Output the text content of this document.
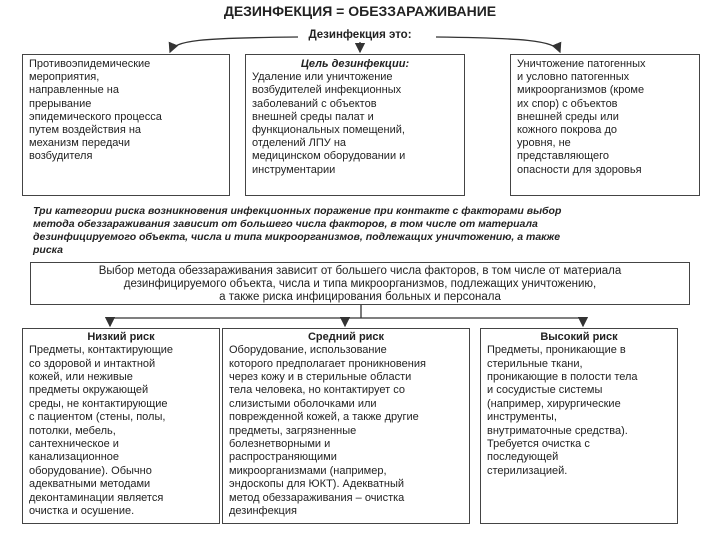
ДЕЗИНФЕКЦИЯ = ОБЕЗЗАРАЖИВАНИЕ
Дезинфекция это:
Противоэпидемические
мероприятия,
направленные на
прерывание
эпидемического процесса
путем воздействия на
механизм передачи
возбудителя
Цель дезинфекции:
Удаление или уничтожение
возбудителей инфекционных
заболеваний с объектов
внешней среды палат и
функциональных помещений,
отделений ЛПУ на
медицинском оборудовании и
инструментарии
Уничтожение патогенных
и условно патогенных
микроорганизмов (кроме
их спор) с объектов
внешней среды или
кожного покрова до
уровня, не
представляющего
опасности для здоровья
Три категории риска возникновения инфекционных поражение при контакте с факторами выбор
метода обеззараживания зависит от большего числа факторов, в том числе от материала
дезинфицируемого объекта, числа и типа микроорганизмов, подлежащих уничтожению, а также
риска
Выбор метода обеззараживания зависит от большего числа факторов, в том числе от материала
дезинфицируемого объекта, числа и типа микроорганизмов, подлежащих уничтожению,
а также риска инфицирования больных и персонала
Низкий риск
Предметы, контактирующие
со здоровой и интактной
кожей, или неживые
предметы окружающей
среды, не контактирующие
с пациентом (стены, полы,
потолки, мебель,
сантехническое и
канализационное
оборудование). Обычно
адекватными методами
деконтаминации является
очистка и осушение.
Средний риск
Оборудование, использование
которого предполагает проникновения
через кожу и в стерильные области
тела человека, но контактирует со
слизистыми оболочками или
поврежденной кожей, а также другие
предметы, загрязненные
болезнетворными и
распространяющими
микроорганизмами (например,
эндоскопы для ЮКТ). Адекватный
метод обеззараживания – очистка
дезинфекция
Высокий риск
Предметы, проникающие в
стерильные ткани,
проникающие в полости тела
и сосудистые системы
(например, хирургические
инструменты,
внутриматочные средства).
Требуется очистка с
последующей
стерилизацией.
